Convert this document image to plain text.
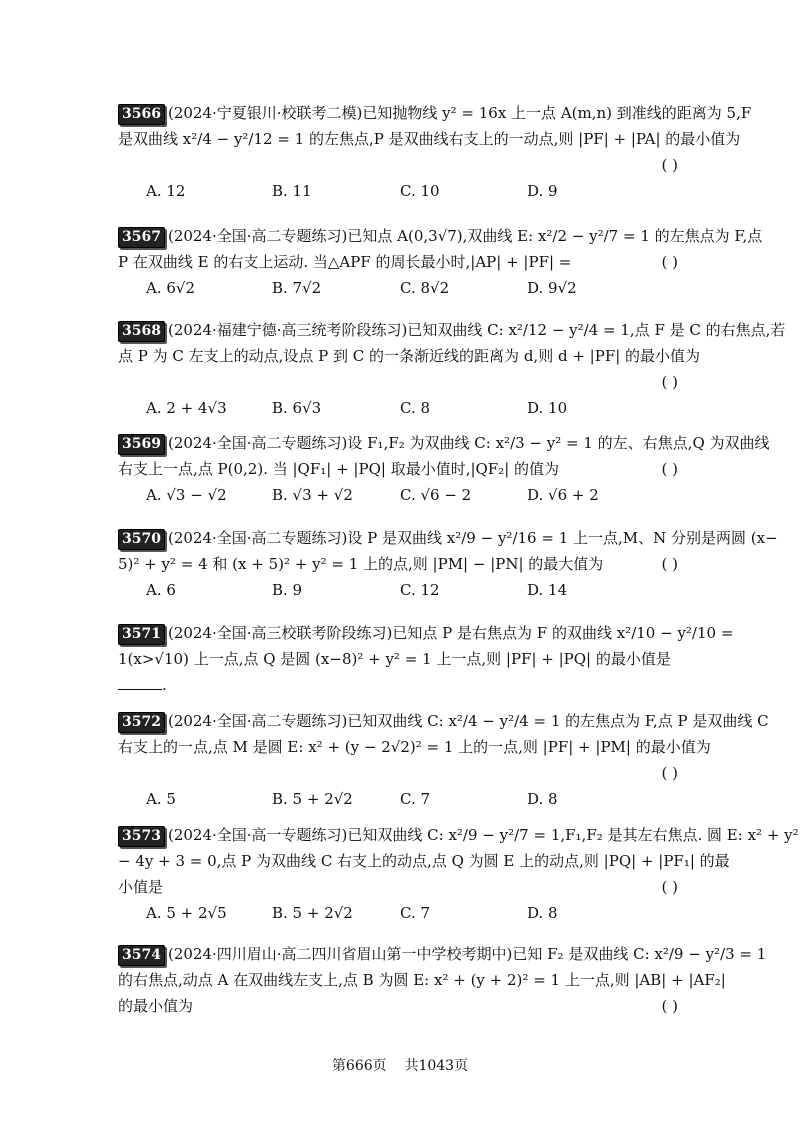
3566 (2024·宁夏银川·校联考二模)已知抛物线 y² = 16x 上一点 A(m,n) 到准线的距离为 5,F
是双曲线 x²/4 − y²/12 = 1 的左焦点,P 是双曲线右支上的一动点,则 |PF| + |PA| 的最小值为
( )
A. 12	B. 11	C. 10	D. 9
3567 (2024·全国·高二专题练习)已知点 A(0,3√7),双曲线 E: x²/2 − y²/7 = 1 的左焦点为 F,点
P 在双曲线 E 的右支上运动. 当△APF 的周长最小时,|AP| + |PF| =	( )
A. 6√2	B. 7√2	C. 8√2	D. 9√2
3568 (2024·福建宁德·高三统考阶段练习)已知双曲线 C: x²/12 − y²/4 = 1,点 F 是 C 的右焦点,若
点 P 为 C 左支上的动点,设点 P 到 C 的一条渐近线的距离为 d,则 d + |PF| 的最小值为
( )
A. 2 + 4√3	B. 6√3	C. 8	D. 10
3569 (2024·全国·高二专题练习)设 F₁,F₂ 为双曲线 C: x²/3 − y² = 1 的左、右焦点,Q 为双曲线
右支上一点,点 P(0,2). 当 |QF₁| + |PQ| 取最小值时,|QF₂| 的值为	( )
A. √3 − √2	B. √3 + √2	C. √6 − 2	D. √6 + 2
3570 (2024·全国·高二专题练习)设 P 是双曲线 x²/9 − y²/16 = 1 上一点,M、N 分别是两圆 (x−
5)² + y² = 4 和 (x + 5)² + y² = 1 上的点,则 |PM| − |PN| 的最大值为	( )
A. 6	B. 9	C. 12	D. 14
3571 (2024·全国·高三校联考阶段练习)已知点 P 是右焦点为 F 的双曲线 x²/10 − y²/10 =
1(x>√10) 上一点,点 Q 是圆 (x−8)² + y² = 1 上一点,则 |PF| + |PQ| 的最小值是
.
3572 (2024·全国·高二专题练习)已知双曲线 C: x²/4 − y²/4 = 1 的左焦点为 F,点 P 是双曲线 C
右支上的一点,点 M 是圆 E: x² + (y − 2√2)² = 1 上的一点,则 |PF| + |PM| 的最小值为
( )
A. 5	B. 5 + 2√2	C. 7	D. 8
3573 (2024·全国·高一专题练习)已知双曲线 C: x²/9 − y²/7 = 1,F₁,F₂ 是其左右焦点. 圆 E: x² + y²
− 4y + 3 = 0,点 P 为双曲线 C 右支上的动点,点 Q 为圆 E 上的动点,则 |PQ| + |PF₁| 的最
小值是	( )
A. 5 + 2√5	B. 5 + 2√2	C. 7	D. 8
3574 (2024·四川眉山·高二四川省眉山第一中学校考期中)已知 F₂ 是双曲线 C: x²/9 − y²/3 = 1
的右焦点,动点 A 在双曲线左支上,点 B 为圆 E: x² + (y + 2)² = 1 上一点,则 |AB| + |AF₂|
的最小值为	( )
第666页 共1043页
